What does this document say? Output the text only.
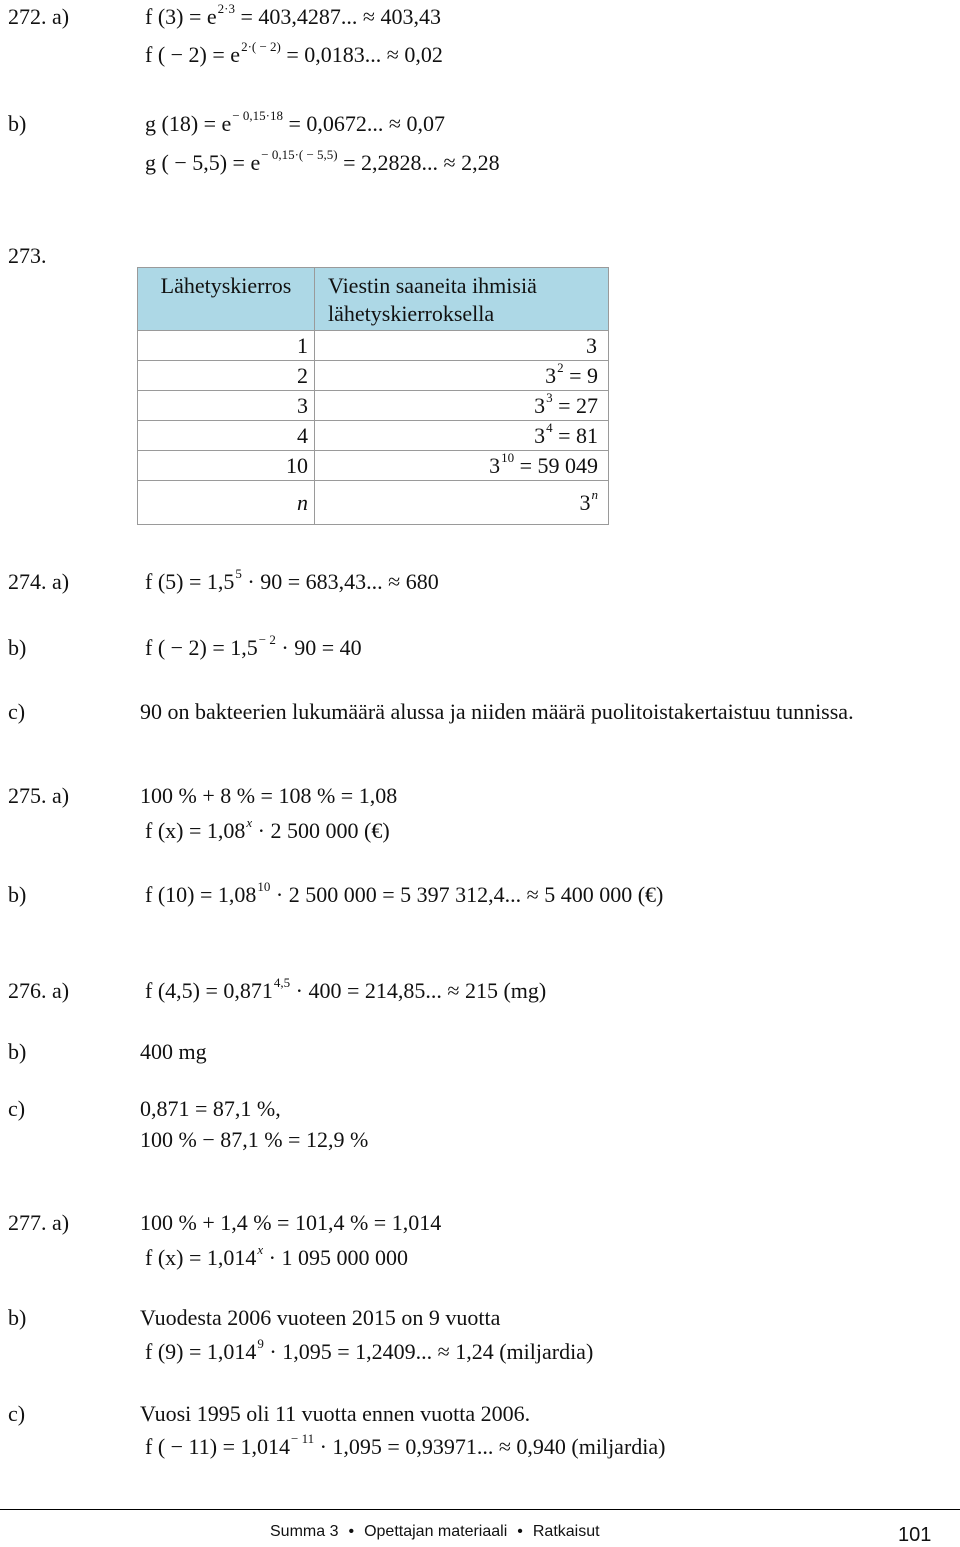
272. a)	f $(3) = e^{2\cdot 3} = 403,4287$... ≈ 403,43
f ( − $2) = e^{2\cdot( - 2)} = 0,0183$... ≈ 0,02
b)	g $(18) = e^{- 0,15\cdot 18} = 0,0672$... ≈ 0,07
g ( − $5,5) = e^{- 0,15\cdot( - 5,5)} = 2,2828$... ≈ 2,28
273.
Lähetyskierros	Viestin saaneita ihmisiä
lähetyskierroksella
1	3
2	$3^2 = 9$
3	$3^3 = 27$
4	$3^4 = 81$
10	$3^{10} = 59$ 049
n	3$^n$
274. a)	f $(5) = 1,5^5 \cdot 90 = 683,43$... ≈ 680
b)	f ( − $2) = 1,5^{- 2} \cdot 90 = 40$
c)	90 on bakteerien lukumäärä alussa ja niiden määrä puolitoistakertaistuu tunnissa.
275. a)	100 % + 8 % = 108 % = 1,08
f $(x) = 1,08^x \cdot 2$ 500 000 (€)
b)	f $(10) = 1,08^{10} \cdot 2$ 500 000 = 5 397 312,4... ≈ 5 400 000 (€)
276. a)	f $(4,5) = 0,871^{4,5} \cdot 400 = 214,85$... ≈ 215 (mg)
b)	400 mg
c)	0,871 = 87,1 %,
100 % − 87,1 % = 12,9 %
277. a)	100 % + 1,4 % = 101,4 % = 1,014
f $(x) = 1,014^x \cdot 1$ 095 000 000
b)	Vuodesta 2006 vuoteen 2015 on 9 vuotta
f $(9) = 1,014^9 \cdot 1,095 = 1,2409$... ≈ 1,24 (miljardia)
c)	Vuosi 1995 oli 11 vuotta ennen vuotta 2006.
f ( − $11) = 1,014^{- 11} \cdot 1,095 = 0,93971$... ≈ 0,940 (miljardia)
Summa 3 • Opettajan materiaali • Ratkaisut	101
